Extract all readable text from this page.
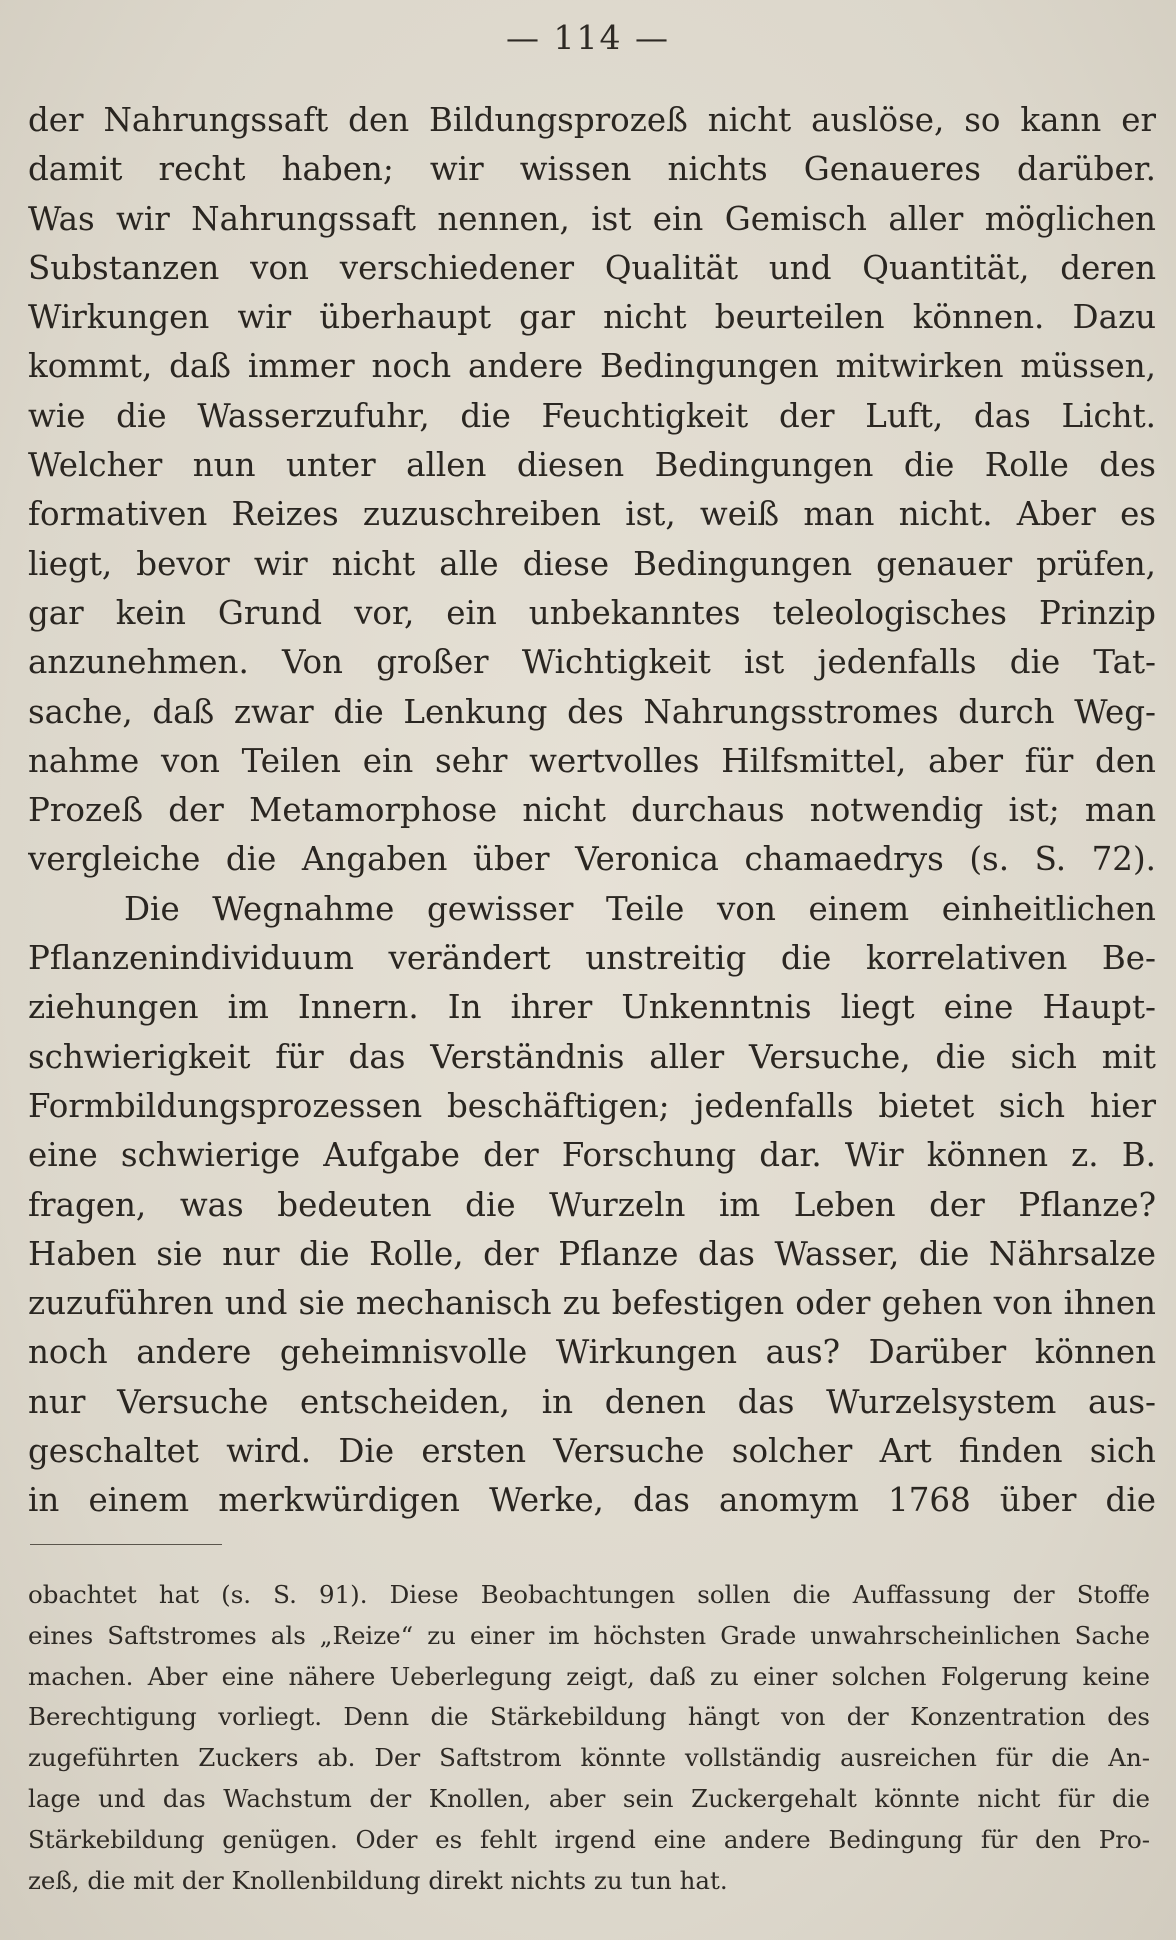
— 114 —
der Nahrungssaft den Bildungsprozeß nicht auslöse, so kann er
damit recht haben; wir wissen nichts Genaueres darüber.
Was wir Nahrungssaft nennen, ist ein Gemisch aller möglichen
Substanzen von verschiedener Qualität und Quantität, deren
Wirkungen wir überhaupt gar nicht beurteilen können. Dazu
kommt, daß immer noch andere Bedingungen mitwirken müssen,
wie die Wasserzufuhr, die Feuchtigkeit der Luft, das Licht.
Welcher nun unter allen diesen Bedingungen die Rolle des
formativen Reizes zuzuschreiben ist, weiß man nicht. Aber es
liegt, bevor wir nicht alle diese Bedingungen genauer prüfen,
gar kein Grund vor, ein unbekanntes teleologisches Prinzip
anzunehmen. Von großer Wichtigkeit ist jedenfalls die Tat-
sache, daß zwar die Lenkung des Nahrungsstromes durch Weg-
nahme von Teilen ein sehr wertvolles Hilfsmittel, aber für den
Prozeß der Metamorphose nicht durchaus notwendig ist; man
vergleiche die Angaben über Veronica chamaedrys (s. S. 72).
Die Wegnahme gewisser Teile von einem einheitlichen
Pflanzenindividuum verändert unstreitig die korrelativen Be-
ziehungen im Innern. In ihrer Unkenntnis liegt eine Haupt-
schwierigkeit für das Verständnis aller Versuche, die sich mit
Formbildungsprozessen beschäftigen; jedenfalls bietet sich hier
eine schwierige Aufgabe der Forschung dar. Wir können z. B.
fragen, was bedeuten die Wurzeln im Leben der Pflanze?
Haben sie nur die Rolle, der Pflanze das Wasser, die Nährsalze
zuzuführen und sie mechanisch zu befestigen oder gehen von ihnen
noch andere geheimnisvolle Wirkungen aus? Darüber können
nur Versuche entscheiden, in denen das Wurzelsystem aus-
geschaltet wird. Die ersten Versuche solcher Art finden sich
in einem merkwürdigen Werke, das anomym 1768 über die
obachtet hat (s. S. 91). Diese Beobachtungen sollen die Auffassung der Stoffe
eines Saftstromes als „Reize“ zu einer im höchsten Grade unwahrscheinlichen Sache
machen. Aber eine nähere Ueberlegung zeigt, daß zu einer solchen Folgerung keine
Berechtigung vorliegt. Denn die Stärkebildung hängt von der Konzentration des
zugeführten Zuckers ab. Der Saftstrom könnte vollständig ausreichen für die An-
lage und das Wachstum der Knollen, aber sein Zuckergehalt könnte nicht für die
Stärkebildung genügen. Oder es fehlt irgend eine andere Bedingung für den Pro-
zeß, die mit der Knollenbildung direkt nichts zu tun hat.
